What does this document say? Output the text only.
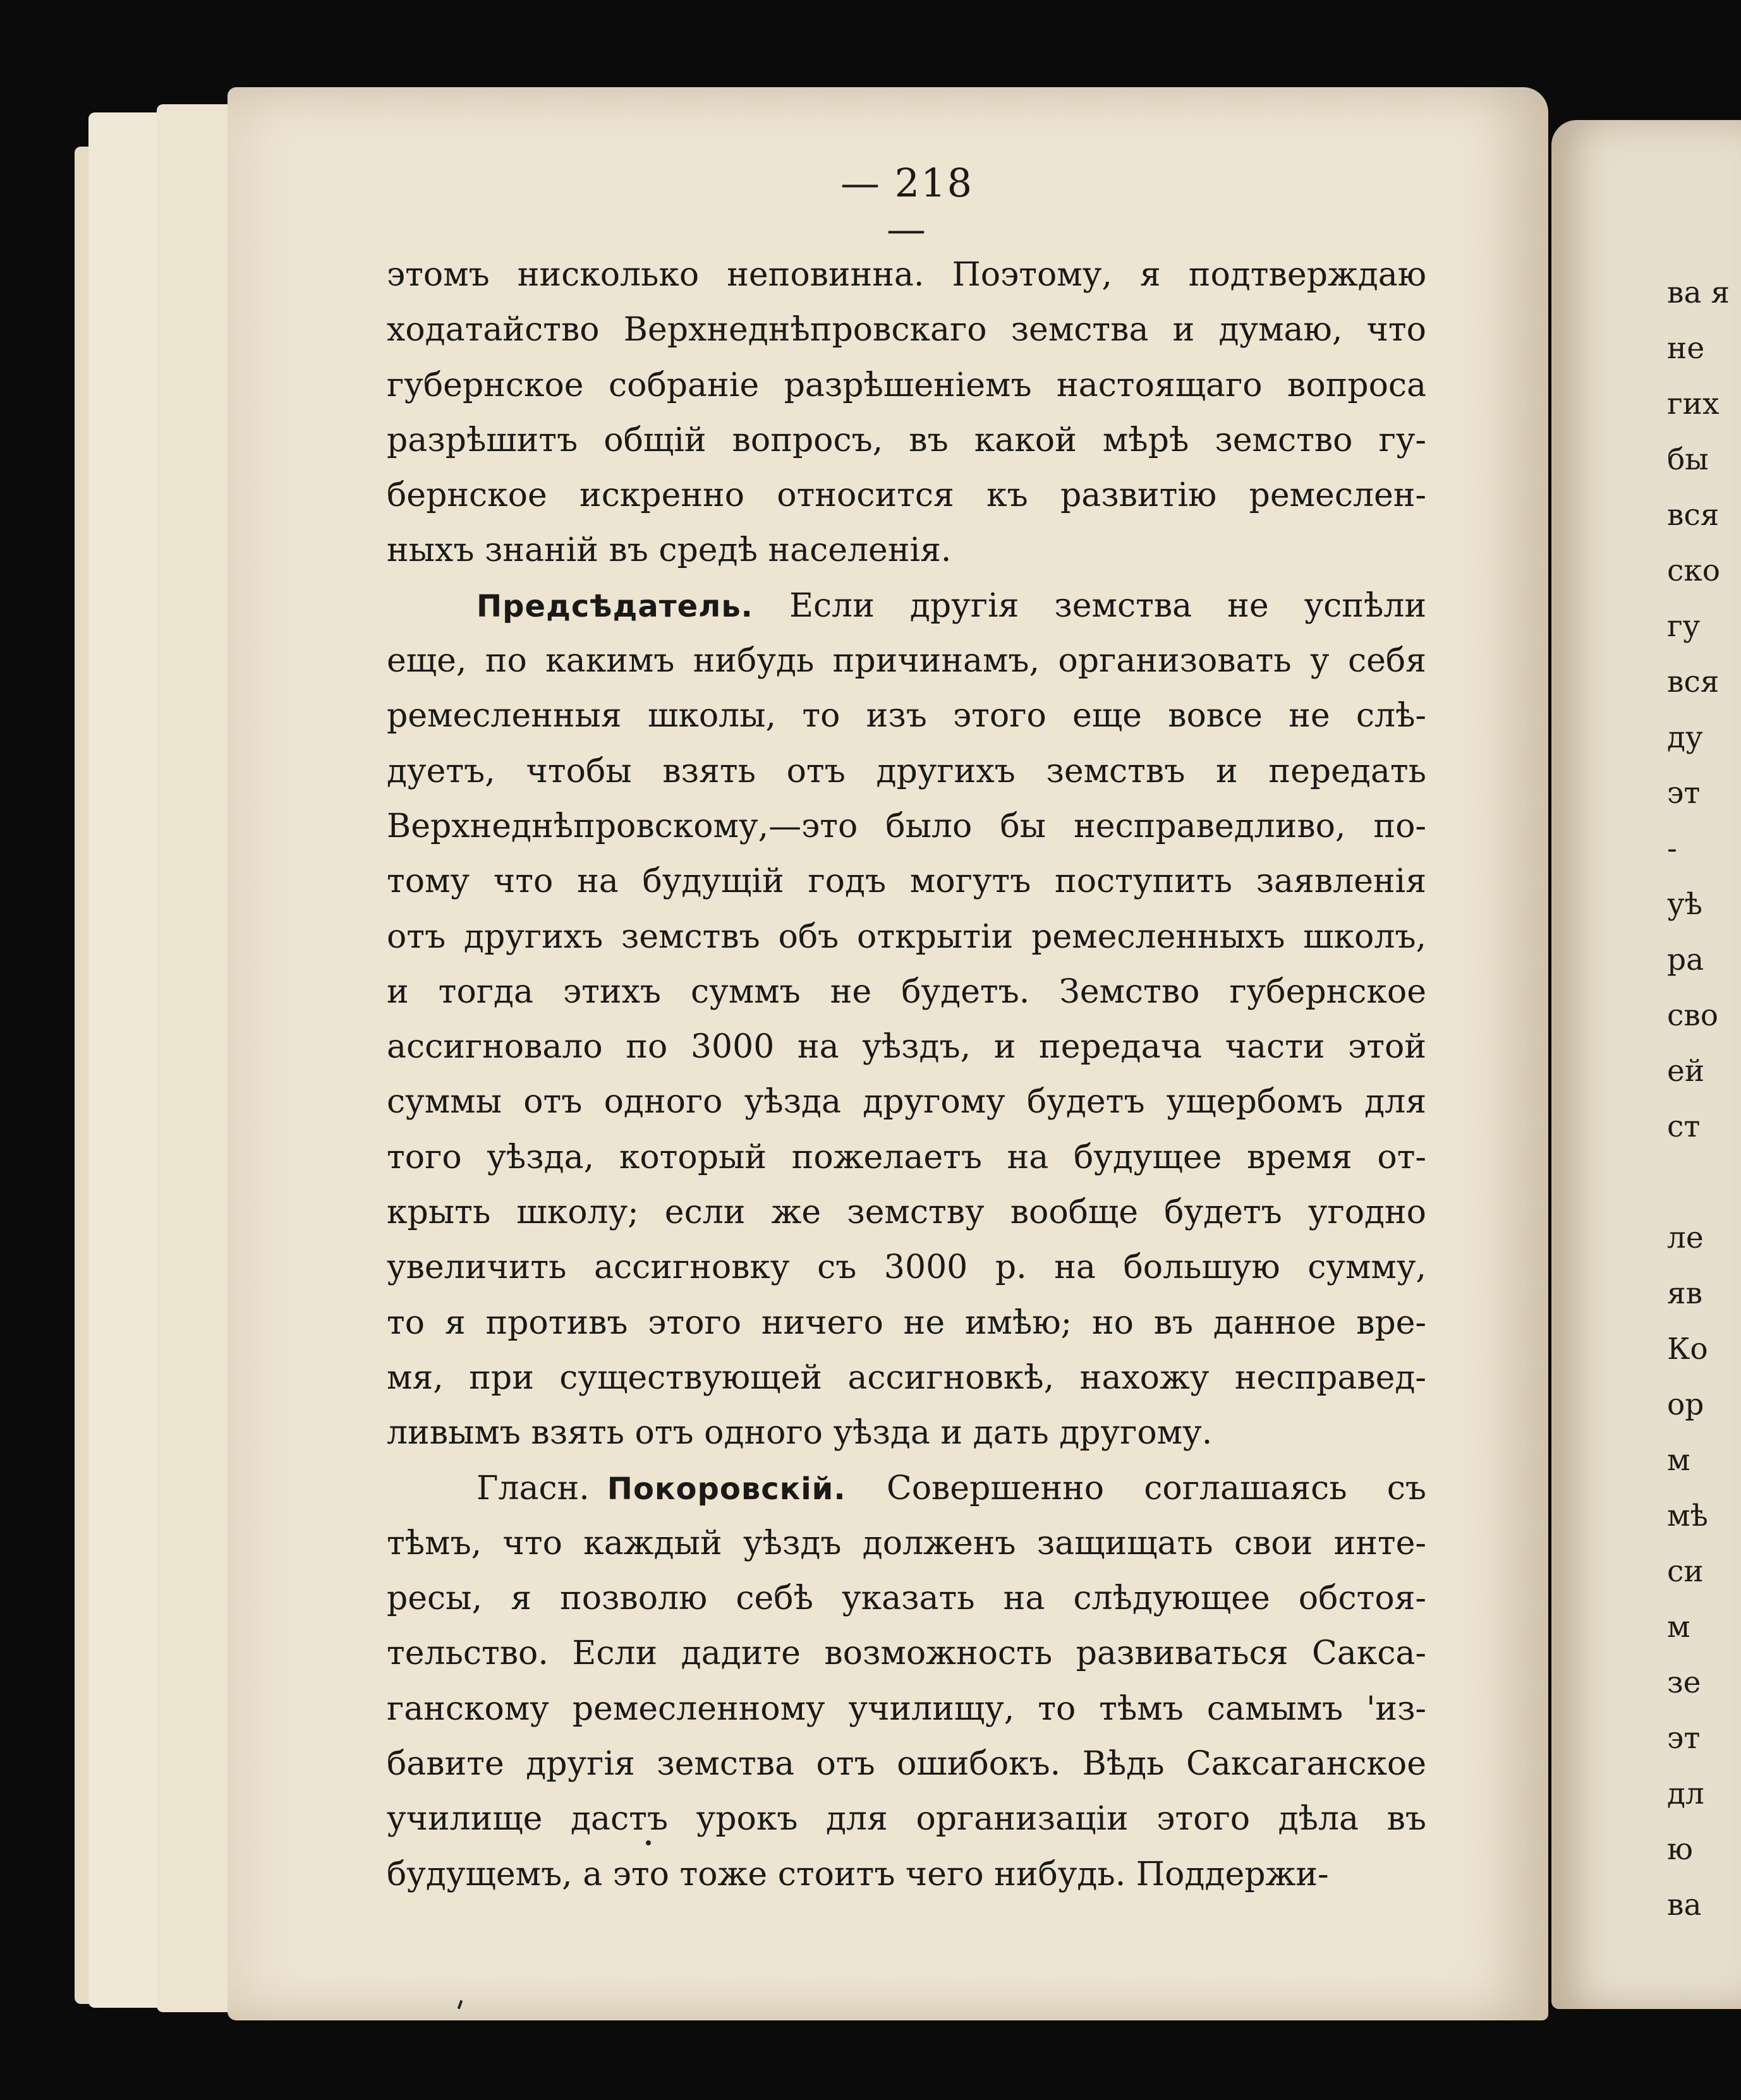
ва я
не
гих
бы
вся
ско
гу
вся
ду
эт
-
уѣ
ра
сво
ей
ст
ле
яв
Ко
ор
м
мѣ
си
м
зе
эт
дл
ю
ва
— 218 —
этомъ нисколько неповинна. Поэтому, я подтверждаю
ходатайство Верхнеднѣпровскаго земства и думаю, что
губернское собраніе разрѣшеніемъ настоящаго вопроса
разрѣшитъ общій вопросъ, въ какой мѣрѣ земство гу-
бернское искренно относится къ развитію ремеслен-
ныхъ знаній въ средѣ населенія.
Предсѣдатель. Если другія земства не успѣли
еще, по какимъ нибудь причинамъ, организовать у себя
ремесленныя школы, то изъ этого еще вовсе не слѣ-
дуетъ, чтобы взять отъ другихъ земствъ и передать
Верхнеднѣпровскому,—это было бы несправедливо, по-
тому что на будущій годъ могутъ поступить заявленія
отъ другихъ земствъ объ открытіи ремесленныхъ школъ,
и тогда этихъ суммъ не будетъ. Земство губернское
ассигновало по 3000 на уѣздъ, и передача части этой
суммы отъ одного уѣзда другому будетъ ущербомъ для
того уѣзда, который пожелаетъ на будущее время от-
крыть школу; если же земству вообще будетъ угодно
увеличить ассигновку съ 3000 р. на большую сумму,
то я противъ этого ничего не имѣю; но въ данное вре-
мя, при существующей ассигновкѣ, нахожу несправед-
ливымъ взять отъ одного уѣзда и дать другому.
Гласн. Покоровскій. Совершенно соглашаясь съ
тѣмъ, что каждый уѣздъ долженъ защищать свои инте-
ресы, я позволю себѣ указать на слѣдующее обстоя-
тельство. Если дадите возможность развиваться Сакса-
ганскому ремесленному училищу, то тѣмъ самымъ 'из-
бавите другія земства отъ ошибокъ. Вѣдь Саксаганское
училище дастъ урокъ для организаціи этого дѣла въ
будущемъ, а это тоже стоитъ чего нибудь. Поддержи-
